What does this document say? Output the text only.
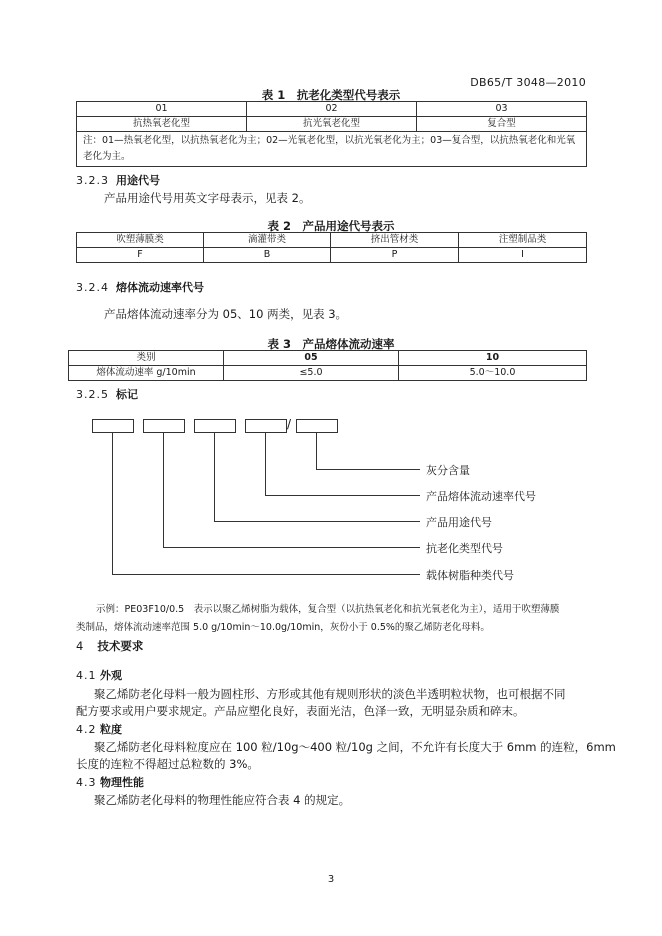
DB65/T 3048—2010
表 1　抗老化类型代号表示
01	02	03
抗热氧老化型	抗光氧老化型	复合型
注：01—热氧老化型，以抗热氧老化为主；02—光氧老化型，以抗光氧老化为主；03—复合型，以抗热氧老化和光氧老化为主。		
3.2.3 用途代号
产品用途代号用英文字母表示，见表 2。
表 2　产品用途代号表示
吹塑薄膜类	滴灌带类	挤出管材类	注塑制品类
F	B	P	I
3.2.4 熔体流动速率代号
产品熔体流动速率分为 05、10 两类，见表 3。
表 3　产品熔体流动速率
类别	05	10
熔体流动速率 g/10min	≤5.0	5.0～10.0
3.2.5 标记
/
灰分含量
产品熔体流动速率代号
产品用途代号
抗老化类型代号
载体树脂种类代号
示例：PE03F10/0.5　表示以聚乙烯树脂为载体，复合型（以抗热氧老化和抗光氧老化为主），适用于吹塑薄膜
类制品，熔体流动速率范围 5.0 g/10min～10.0g/10min，灰份小于 0.5%的聚乙烯防老化母料。
4 技术要求
4.1 外观
聚乙烯防老化母料一般为圆柱形、方形或其他有规则形状的淡色半透明粒状物，也可根据不同
配方要求或用户要求规定。产品应塑化良好，表面光洁，色泽一致，无明显杂质和碎末。
4.2 粒度
聚乙烯防老化母料粒度应在 100 粒/10g～400 粒/10g 之间，不允许有长度大于 6mm 的连粒，6mm
长度的连粒不得超过总粒数的 3%。
4.3 物理性能
聚乙烯防老化母料的物理性能应符合表 4 的规定。
3
